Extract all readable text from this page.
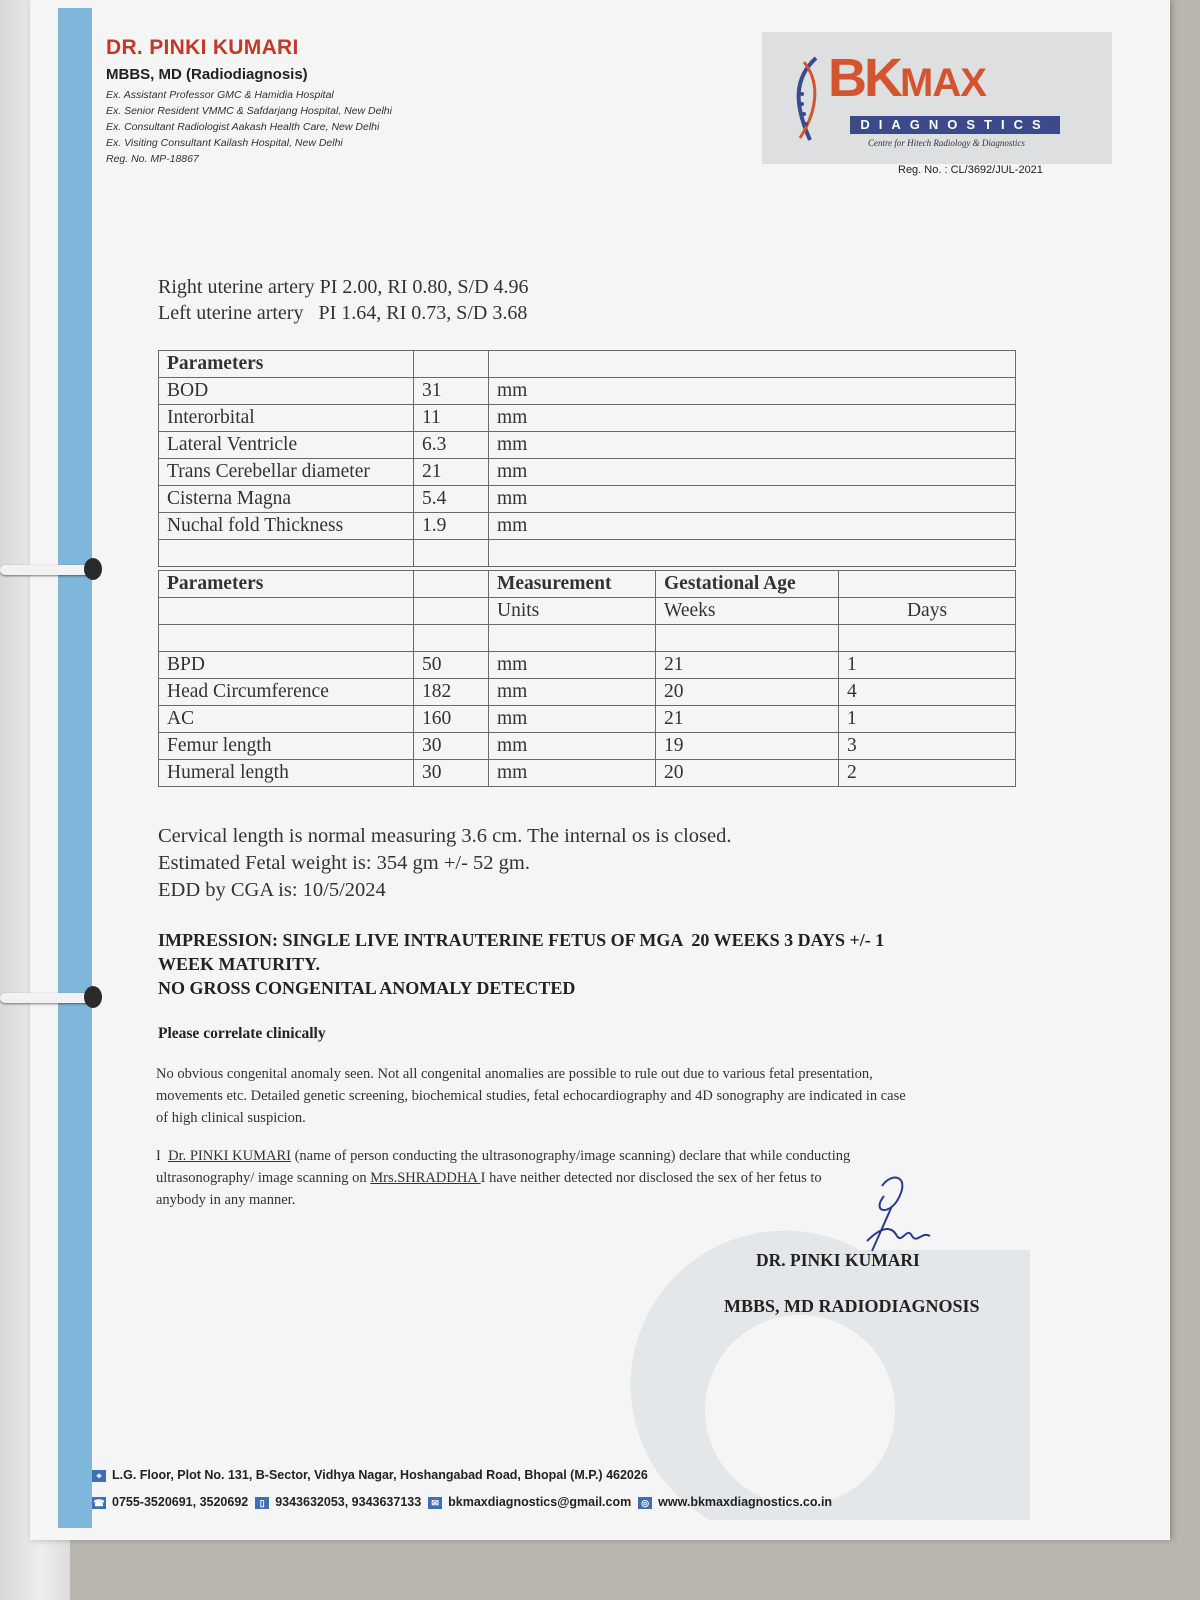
DR. PINKI KUMARI
MBBS, MD (Radiodiagnosis)
Ex. Assistant Professor GMC & Hamidia Hospital
Ex. Senior Resident VMMC & Safdarjang Hospital, New Delhi
Ex. Consultant Radiologist Aakash Health Care, New Delhi
Ex. Visiting Consultant Kailash Hospital, New Delhi
Reg. No. MP-18867
BKMAX
DIAGNOSTICS
Centre for Hitech Radiology & Diagnostics
Reg. No. : CL/3692/JUL-2021
Right uterine artery PI 2.00, RI 0.80, S/D 4.96
Left uterine artery   PI 1.64, RI 0.73, S/D 3.68
Parameters		
BOD	31	mm
Interorbital	11	mm
Lateral Ventricle	6.3	mm
Trans Cerebellar diameter	21	mm
Cisterna Magna	5.4	mm
Nuchal fold Thickness	1.9	mm

Parameters		Measurement	Gestational Age	
		Units	Weeks	Days

BPD	50	mm	21	1
Head Circumference	182	mm	20	4
AC	160	mm	21	1
Femur length	30	mm	19	3
Humeral length	30	mm	20	2
Cervical length is normal measuring 3.6 cm. The internal os is closed.
Estimated Fetal weight is: 354 gm +/- 52 gm.
EDD by CGA is: 10/5/2024
IMPRESSION: SINGLE LIVE INTRAUTERINE FETUS OF MGA  20 WEEKS 3 DAYS +/- 1
WEEK MATURITY.
NO GROSS CONGENITAL ANOMALY DETECTED
Please correlate clinically
No obvious congenital anomaly seen. Not all congenital anomalies are possible to rule out due to various fetal presentation,
movements etc. Detailed genetic screening, biochemical studies, fetal echocardiography and 4D sonography are indicated in case
of high clinical suspicion.
I Dr. PINKI KUMARI (name of person conducting the ultrasonography/image scanning) declare that while conducting
ultrasonography/ image scanning on Mrs.SHRADDHA I have neither detected nor disclosed the sex of her fetus to
anybody in any manner.
DR. PINKI KUMARI
MBBS, MD RADIODIAGNOSIS
⌖ L.G. Floor, Plot No. 131, B-Sector, Vidhya Nagar, Hoshangabad Road, Bhopal (M.P.) 462026
☎ 0755-3520691, 3520692 ▯ 9343632053, 9343637133 ✉ bkmaxdiagnostics@gmail.com ◎ www.bkmaxdiagnostics.co.in
